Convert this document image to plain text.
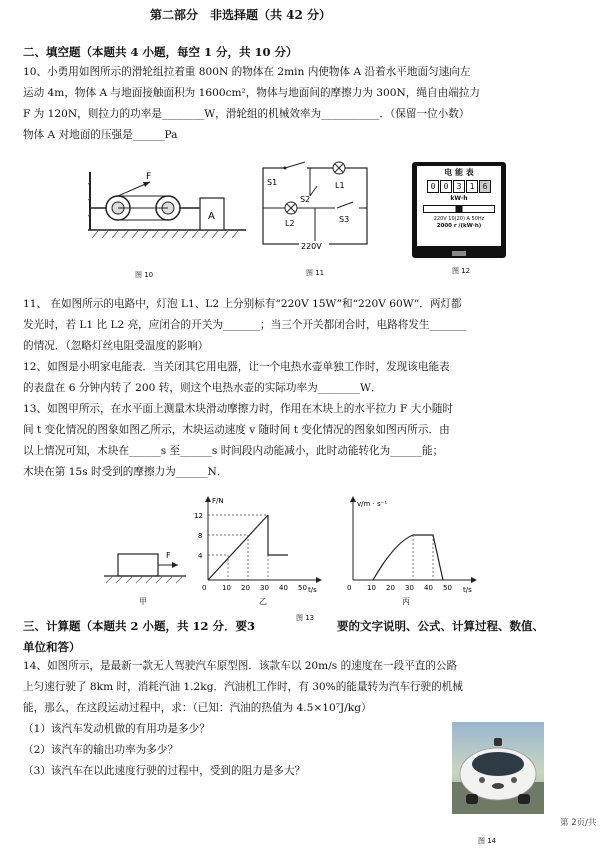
第二部分　非选择题（共 42 分）
二、填空题（本题共 4 小题，每空 1 分，共 10 分）
10、小勇用如图所示的滑轮组拉着重 800N 的物体在 2min 内使物体 A 沿着水平地面匀速向左
运动 4m，物体 A 与地面接触面积为 1600cm²，物体与地面间的摩擦力为 300N，绳自由端拉力
F 为 120N，则拉力的功率是________W，滑轮组的机械效率为___________．（保留一位小数）
物体 A 对地面的压强是______Pa
F
A
图 10
S1
S2
S3
L1
L2
220V
图 11
电 能 表
0	0	3	1	6
kW·h
220V 10(20) A 50Hz
2000 r /(kW·h)
图 12
11、 在如图所示的电路中，灯泡 L1、L2 上分别标有“220V 15W”和“220V 60W”．两灯都
发光时，若 L1 比 L2 亮，应闭合的开关为_______；当三个开关都闭合时，电路将发生_______
的情况．（忽略灯丝电阻受温度的影响）
12、如图是小明家电能表．当关闭其它用电器，让一个电热水壶单独工作时，发现该电能表
的表盘在 6 分钟内转了 200 转，则这个电热水壶的实际功率为________W．
13、如图甲所示，在水平面上测量木块滑动摩擦力时，作用在木块上的水平拉力 F 大小随时
间 t 变化情况的图象如图乙所示，木块运动速度 v 随时间 t 变化情况的图象如图丙所示．由
以上情况可知，木块在______s 至______s 时间段内动能减小，此时动能转化为______能；
木块在第 15s 时受到的摩擦力为______N．
F
甲
F/N
t/s
4
8
12
0 10 20 30 40 50
乙
v/m · s⁻¹
t/s
0 10 20 30 40 50
丙
图 13
三、计算题（本题共 2 小题，共 12 分．要3	要的文字说明、公式、计算过程、数值、
单位和答）
14、如图所示，是最新一款无人驾驶汽车原型图．该款车以 20m/s 的速度在一段平直的公路
上匀速行驶了 8km 时，消耗汽油 1.2kg．汽油机工作时，有 30%的能量转为汽车行驶的机械
能，那么，在这段运动过程中，求：（已知：汽油的热值为 4.5×10⁷J/kg）
（1）该汽车发动机做的有用功是多少？
（2）该汽车的输出功率为多少？
（3）该汽车在以此速度行驶的过程中，受到的阻力是多大？
图 14
第 2页/共
